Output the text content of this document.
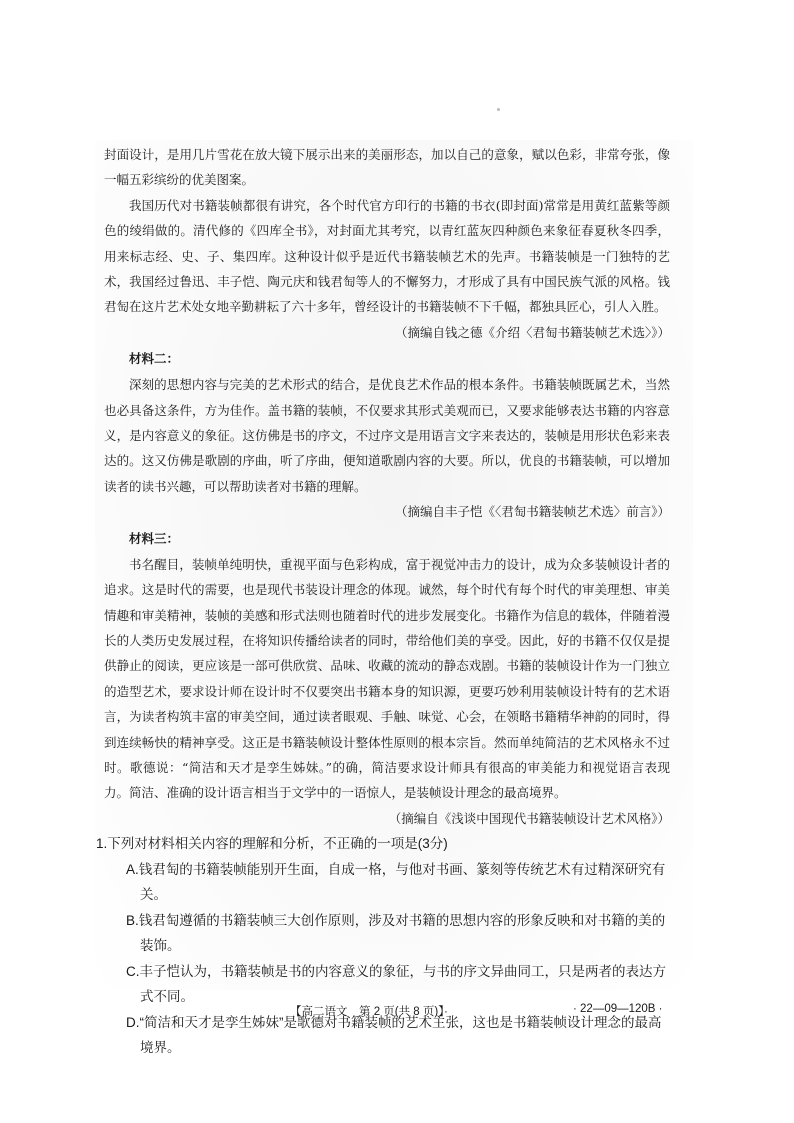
封面设计，是用几片雪花在放大镜下展示出来的美丽形态，加以自己的意象，赋以色彩，非常夸张，像一幅五彩缤纷的优美图案。

我国历代对书籍装帧都很有讲究，各个时代官方印行的书籍的书衣(即封面)常常是用黄红蓝紫等颜色的绫绢做的。清代修的《四库全书》，对封面尤其考究，以青红蓝灰四种颜色来象征春夏秋冬四季，用来标志经、史、子、集四库。这种设计似乎是近代书籍装帧艺术的先声。书籍装帧是一门独特的艺术，我国经过鲁迅、丰子恺、陶元庆和钱君匋等人的不懈努力，才形成了具有中国民族气派的风格。钱君匋在这片艺术处女地辛勤耕耘了六十多年，曾经设计的书籍装帧不下千幅，都独具匠心，引人入胜。

（摘编自钱之德《介绍〈君匋书籍装帧艺术选〉》）
材料二：

深刻的思想内容与完美的艺术形式的结合，是优良艺术作品的根本条件。书籍装帧既属艺术，当然也必具备这条件，方为佳作。盖书籍的装帧，不仅要求其形式美观而已，又要求能够表达书籍的内容意义，是内容意义的象征。这仿佛是书的序文，不过序文是用语言文字来表达的，装帧是用形状色彩来表达的。这又仿佛是歌剧的序曲，听了序曲，便知道歌剧内容的大要。所以，优良的书籍装帧，可以增加读者的读书兴趣，可以帮助读者对书籍的理解。

（摘编自丰子恺《〈君匋书籍装帧艺术选〉前言》）
材料三：

书名醒目，装帧单纯明快，重视平面与色彩构成，富于视觉冲击力的设计，成为众多装帧设计者的追求。这是时代的需要，也是现代书装设计理念的体现。诚然，每个时代有每个时代的审美理想、审美情趣和审美精神，装帧的美感和形式法则也随着时代的进步发展变化。书籍作为信息的载体，伴随着漫长的人类历史发展过程，在将知识传播给读者的同时，带给他们美的享受。因此，好的书籍不仅仅是提供静止的阅读，更应该是一部可供欣赏、品味、收藏的流动的静态戏剧。书籍的装帧设计作为一门独立的造型艺术，要求设计师在设计时不仅要突出书籍本身的知识源，更要巧妙利用装帧设计特有的艺术语言，为读者构筑丰富的审美空间，通过读者眼观、手触、味觉、心会，在领略书籍精华神韵的同时，得到连续畅快的精神享受。这正是书籍装帧设计整体性原则的根本宗旨。然而单纯简洁的艺术风格永不过时。歌德说：“简洁和天才是孪生姊妹。”的确，简洁要求设计师具有很高的审美能力和视觉语言表现力。简洁、准确的设计语言相当于文学中的一语惊人，是装帧设计理念的最高境界。

（摘编自《浅谈中国现代书籍装帧设计艺术风格》）
1.下列对材料相关内容的理解和分析，不正确的一项是(3分)
A.钱君匋的书籍装帧能别开生面，自成一格，与他对书画、篆刻等传统艺术有过精深研究有关。
B.钱君匋遵循的书籍装帧三大创作原则，涉及对书籍的思想内容的形象反映和对书籍的美的装饰。
C.丰子恺认为，书籍装帧是书的内容意义的象征，与书的序文异曲同工，只是两者的表达方式不同。
D.“简洁和天才是孪生姊妹”是歌德对书籍装帧的艺术主张，这也是书籍装帧设计理念的最高境界。
【高二语文　第 2 页(共 8 页)】·	· 22—09—120B ·
